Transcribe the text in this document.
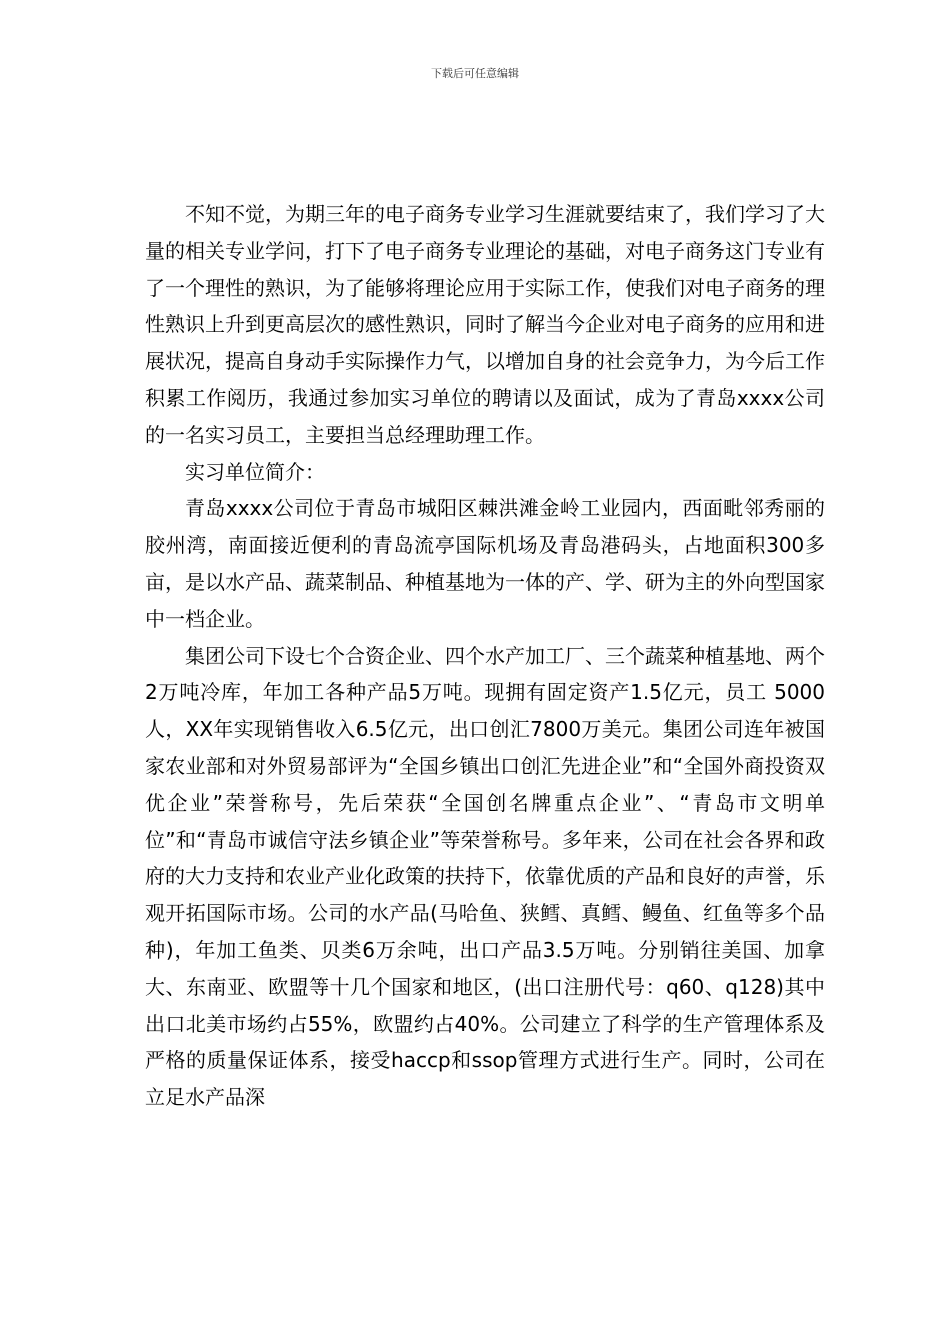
下载后可任意编辑

不知不觉，为期三年的电子商务专业学习生涯就要结束了，我们学习了大量的相关专业学问，打下了电子商务专业理论的基础，对电子商务这门专业有了一个理性的熟识，为了能够将理论应用于实际工作，使我们对电子商务的理性熟识上升到更高层次的感性熟识，同时了解当今企业对电子商务的应用和进展状况，提高自身动手实际操作力气，以增加自身的社会竞争力，为今后工作积累工作阅历，我通过参加实习单位的聘请以及面试，成为了青岛xxxx公司的一名实习员工，主要担当总经理助理工作。

实习单位简介：

青岛xxxx公司位于青岛市城阳区棘洪滩金岭工业园内，西面毗邻秀丽的胶州湾，南面接近便利的青岛流亭国际机场及青岛港码头，占地面积300多亩，是以水产品、蔬菜制品、种植基地为一体的产、学、研为主的外向型国家中一档企业。

集团公司下设七个合资企业、四个水产加工厂、三个蔬菜种植基地、两个2万吨冷库，年加工各种产品5万吨。现拥有固定资产1.5亿元，员工 5000人，XX年实现销售收入6.5亿元，出口创汇7800万美元。集团公司连年被国家农业部和对外贸易部评为“全国乡镇出口创汇先进企业”和“全国外商投资双优企业”荣誉称号，先后荣获“全国创名牌重点企业”、“青岛市文明单位”和“青岛市诚信守法乡镇企业”等荣誉称号。多年来，公司在社会各界和政府的大力支持和农业产业化政策的扶持下，依靠优质的产品和良好的声誉，乐观开拓国际市场。公司的水产品(马哈鱼、狭鳕、真鳕、鳗鱼、红鱼等多个品种)，年加工鱼类、贝类6万余吨，出口产品3.5万吨。分别销往美国、加拿大、东南亚、欧盟等十几个国家和地区，(出口注册代号：q60、q128)其中出口北美市场约占55%，欧盟约占40%。公司建立了科学的生产管理体系及严格的质量保证体系，接受haccp和ssop管理方式进行生产。同时，公司在立足水产品深
